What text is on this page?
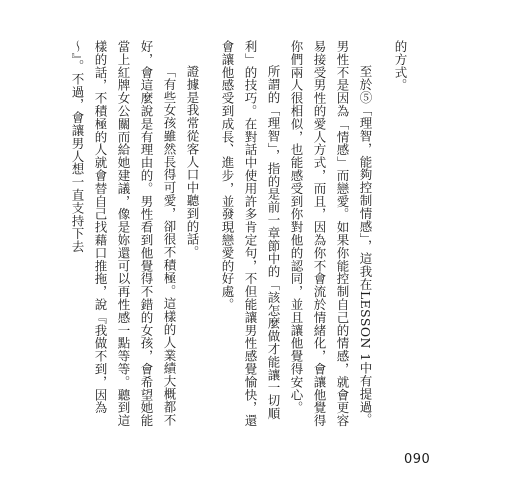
的方式。

至於⑤「理智，能夠控制情感」，這我在LESSON 1中有提過。男性不是因為「情感」而戀愛。如果你能控制自己的情感，就會更容易接受男性的愛人方式，而且，因為你不會流於情緒化，會讓他覺得你們兩人很相似，也能感受到你對他的認同，並且讓他覺得安心。

所謂的「理智」，指的是前一章節中的「該怎麼做才能讓一切順利」的技巧。在對話中使用許多肯定句，不但能讓男性感覺愉快，還會讓他感受到成長、進步，並發現戀愛的好處。

證據是我常從客人口中聽到的話。

「有些女孩雖然長得可愛，卻很不積極。這樣的人業績大概都不好，會這麼說是有理由的。男性看到他覺得不錯的女孩，會希望她能當上紅牌女公關而給她建議，像是妳還可以再性感一點等等。聽到這樣的話，不積極的人就會替自己找藉口推拖，說『我做不到，因為～』。不過，會讓男人想一直支持下去

090
